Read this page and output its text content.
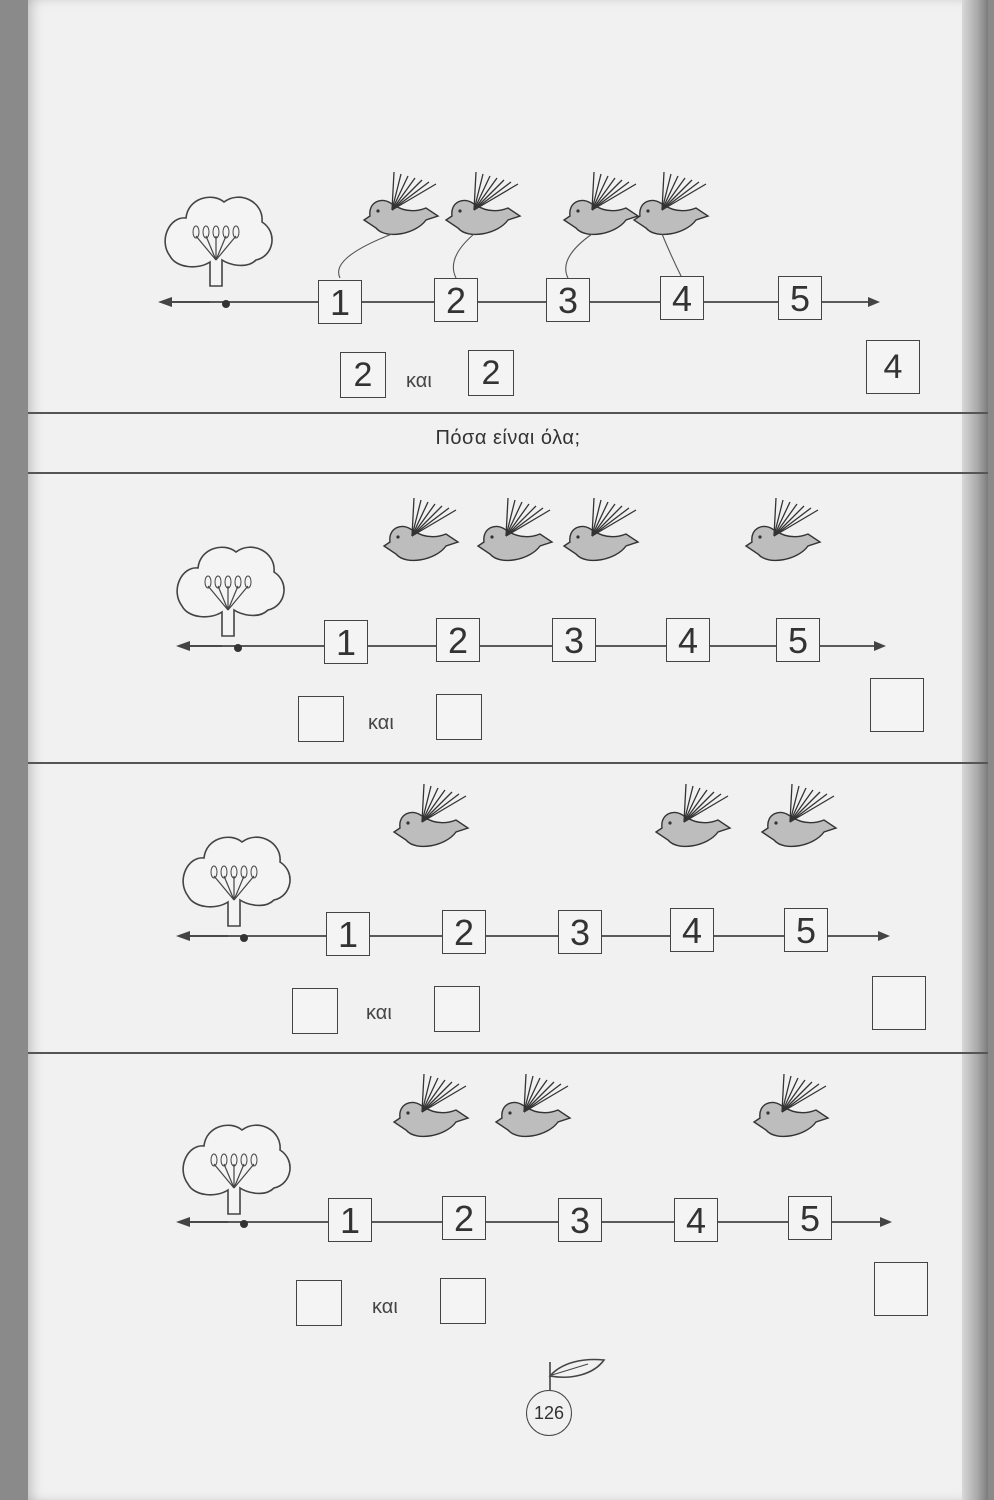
1	2	3	4	5
2	και	2	4
Πόσα είναι όλα;
1	2	3	4	5
και
1	2	3	4	5
και
1	2	3	4	5
και
126
